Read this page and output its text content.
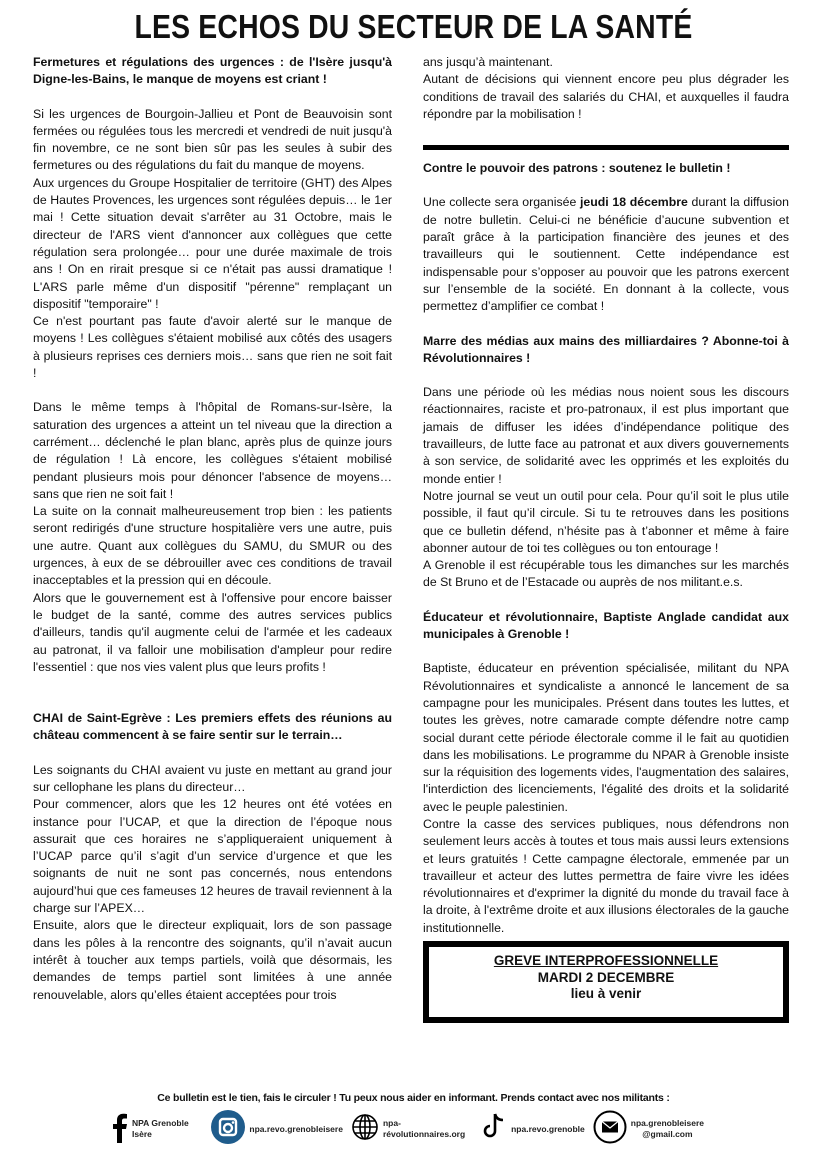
LES ECHOS DU SECTEUR DE LA SANTÉ

Fermetures et régulations des urgences : de l'Isère jusqu'à Digne-les-Bains, le manque de moyens est criant !

Si les urgences de Bourgoin-Jallieu et Pont de Beauvoisin sont fermées ou régulées tous les mercredi et vendredi de nuit jusqu'à fin novembre, ce ne sont bien sûr pas les seules à subir des fermetures ou des régulations du fait du manque de moyens.

Aux urgences du Groupe Hospitalier de territoire (GHT) des Alpes de Hautes Provences, les urgences sont régulées depuis… le 1er mai ! Cette situation devait s'arrêter au 31 Octobre, mais le directeur de l'ARS vient d'annoncer aux collègues que cette régulation sera prolongée… pour une durée maximale de trois ans ! On en rirait presque si ce n'était pas aussi dramatique ! L'ARS parle même d'un dispositif "pérenne" remplaçant un dispositif "temporaire" !

Ce n'est pourtant pas faute d'avoir alerté sur le manque de moyens ! Les collègues s'étaient mobilisé aux côtés des usagers à plusieurs reprises ces derniers mois… sans que rien ne soit fait !

Dans le même temps à l'hôpital de Romans-sur-Isère, la saturation des urgences a atteint un tel niveau que la direction a carrément… déclenché le plan blanc, après plus de quinze jours de régulation ! Là encore, les collègues s'étaient mobilisé pendant plusieurs mois pour dénoncer l'absence de moyens… sans que rien ne soit fait !

La suite on la connait malheureusement trop bien : les patients seront redirigés d'une structure hospitalière vers une autre, puis une autre. Quant aux collègues du SAMU, du SMUR ou des urgences, à eux de se débrouiller avec ces conditions de travail inacceptables et la pression qui en découle.

Alors que le gouvernement est à l'offensive pour encore baisser le budget de la santé, comme des autres services publics d'ailleurs, tandis qu'il augmente celui de l'armée et les cadeaux au patronat, il va falloir une mobilisation d'ampleur pour redire l'essentiel : que nos vies valent plus que leurs profits !

CHAI de Saint-Egrève : Les premiers effets des réunions au château commencent à se faire sentir sur le terrain…

Les soignants du CHAI avaient vu juste en mettant au grand jour sur cellophane les plans du directeur…

Pour commencer, alors que les 12 heures ont été votées en instance pour l’UCAP, et que la direction de l’époque nous assurait que ces horaires ne s’appliqueraient uniquement à l’UCAP parce qu’il s’agit d’un service d’urgence et que les soignants de nuit ne sont pas concernés, nous entendons aujourd’hui que ces fameuses 12 heures de travail reviennent à la charge sur l’APEX…

Ensuite, alors que le directeur expliquait, lors de son passage dans les pôles à la rencontre des soignants, qu’il n’avait aucun intérêt à toucher aux temps partiels, voilà que désormais, les demandes de temps partiel sont limitées à une année renouvelable, alors qu’elles étaient acceptées pour trois

ans jusqu’à maintenant.

Autant de décisions qui viennent encore peu plus dégrader les conditions de travail des salariés du CHAI, et auxquelles il faudra répondre par la mobilisation !

Contre le pouvoir des patrons : soutenez le bulletin !

Une collecte sera organisée jeudi 18 décembre durant la diffusion de notre bulletin. Celui-ci ne bénéficie d’aucune subvention et paraît grâce à la participation financière des jeunes et des travailleurs qui le soutiennent. Cette indépendance est indispensable pour s’opposer au pouvoir que les patrons exercent sur l’ensemble de la société. En donnant à la collecte, vous permettez d’amplifier ce combat !

Marre des médias aux mains des milliardaires ? Abonne-toi à Révolutionnaires !

Dans une période où les médias nous noient sous les discours réactionnaires, raciste et pro-patronaux, il est plus important que jamais de diffuser les idées d’indépendance politique des travailleurs, de lutte face au patronat et aux divers gouvernements à son service, de solidarité avec les opprimés et les exploités du monde entier !

Notre journal se veut un outil pour cela. Pour qu’il soit le plus utile possible, il faut qu’il circule. Si tu te retrouves dans les positions que ce bulletin défend, n’hésite pas à t’abonner et même à faire abonner autour de toi tes collègues ou ton entourage !

A Grenoble il est récupérable tous les dimanches sur les marchés de St Bruno et de l’Estacade ou auprès de nos militant.e.s.

Éducateur et révolutionnaire, Baptiste Anglade candidat aux municipales à Grenoble !

Baptiste, éducateur en prévention spécialisée, militant du NPA Révolutionnaires et syndicaliste a annoncé le lancement de sa campagne pour les municipales. Présent dans toutes les luttes, et toutes les grèves, notre camarade compte défendre notre camp social durant cette période électorale comme il le fait au quotidien dans les mobilisations. Le programme du NPAR à Grenoble insiste sur la réquisition des logements vides, l'augmentation des salaires, l'interdiction des licenciements, l'égalité des droits et la solidarité avec le peuple palestinien.

Contre la casse des services publiques, nous défendrons non seulement leurs accès à toutes et tous mais aussi leurs extensions et leurs gratuités ! Cette campagne électorale, emmenée par un travailleur et acteur des luttes permettra de faire vivre les idées révolutionnaires et d'exprimer la dignité du monde du travail face à la droite, à l'extrême droite et aux illusions électorales de la gauche institutionnelle.

GREVE INTERPROFESSIONNELLE
MARDI 2 DECEMBRE
lieu à venir
Ce bulletin est le tien, fais le circuler ! Tu peux nous aider en informant. Prends contact avec nos militants :
NPA Grenoble Isère
npa.revo.grenobleisere
npa-révolutionnaires.org
npa.revo.grenoble
npa.grenobleisere
@gmail.com
